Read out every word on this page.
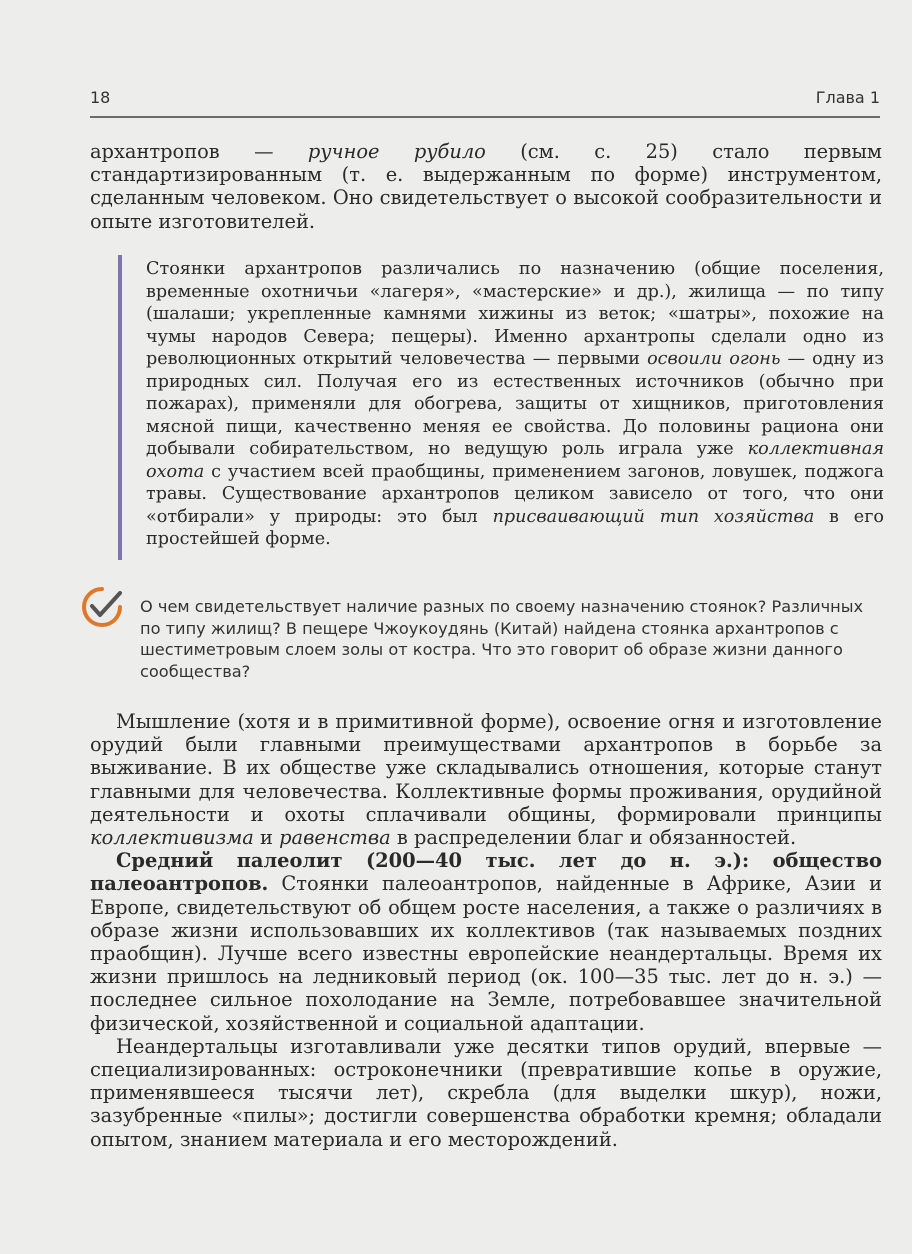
18	Глава 1

архантропов — ручное рубило (см. с. 25) стало первым стандартизированным (т. е. выдержанным по форме) инструментом, сделанным человеком. Оно свидетельствует о высокой сообразительности и опыте изготовителей.

Стоянки архантропов различались по назначению (общие поселения, временные охотничьи «лагеря», «мастерские» и др.), жилища — по типу (шалаши; укрепленные камнями хижины из веток; «шатры», похожие на чумы народов Севера; пещеры). Именно архантропы сделали одно из революционных открытий человечества — первыми освоили огонь — одну из природных сил. Получая его из естественных источников (обычно при пожарах), применяли для обогрева, защиты от хищников, приготовления мясной пищи, качественно меняя ее свойства. До половины рациона они добывали собирательством, но ведущую роль играла уже коллективная охота с участием всей праобщины, применением загонов, ловушек, поджога травы. Существование архантропов целиком зависело от того, что они «отбирали» у природы: это был присваивающий тип хозяйства в его простейшей форме.
О чем свидетельствует наличие разных по своему назначению стоянок? Различных по типу жилищ? В пещере Чжоукоудянь (Китай) найдена стоянка архантропов с шестиметровым слоем золы от костра. Что это говорит об образе жизни данного сообщества?

Мышление (хотя и в примитивной форме), освоение огня и изготовление орудий были главными преимуществами архантропов в борьбе за выживание. В их обществе уже складывались отношения, которые станут главными для человечества. Коллективные формы проживания, орудийной деятельности и охоты сплачивали общины, формировали принципы коллективизма и равенства в распределении благ и обязанностей.

Средний палеолит (200—40 тыс. лет до н. э.): общество палеоантропов. Стоянки палеоантропов, найденные в Африке, Азии и Европе, свидетельствуют об общем росте населения, а также о различиях в образе жизни использовавших их коллективов (так называемых поздних праобщин). Лучше всего известны европейские неандертальцы. Время их жизни пришлось на ледниковый период (ок. 100—35 тыс. лет до н. э.) — последнее сильное похолодание на Земле, потребовавшее значительной физической, хозяйственной и социальной адаптации.

Неандертальцы изготавливали уже десятки типов орудий, впервые — специализированных: остроконечники (превратившие копье в оружие, применявшееся тысячи лет), скребла (для выделки шкур), ножи, зазубренные «пилы»; достигли совершенства обработки кремня; обладали опытом, знанием материала и его месторождений.
